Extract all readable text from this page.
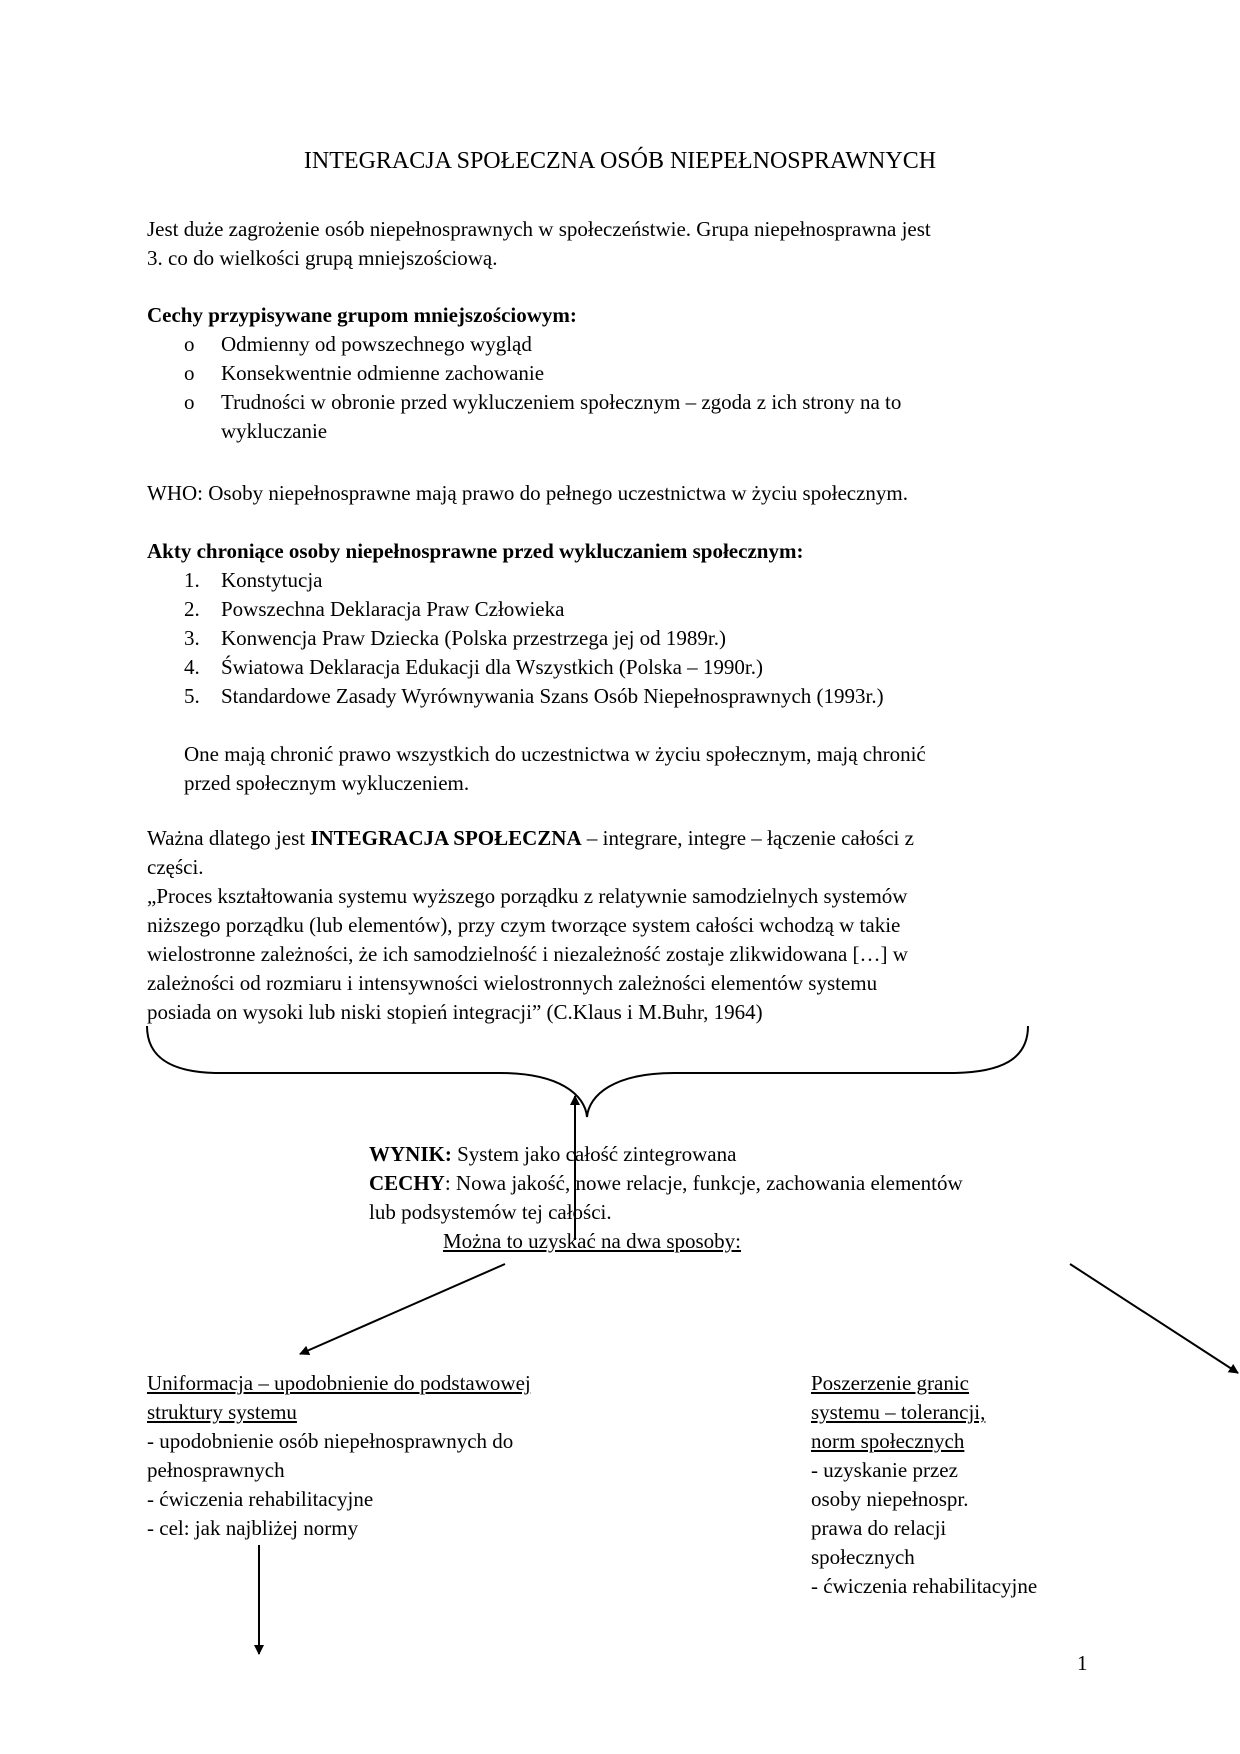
INTEGRACJA SPOŁECZNA OSÓB NIEPEŁNOSPRAWNYCH
Jest duże zagrożenie osób niepełnosprawnych w społeczeństwie. Grupa niepełnosprawna jest
3. co do wielkości grupą mniejszościową.
Cechy przypisywane grupom mniejszościowym:
o	Odmienny od powszechnego wygląd
o	Konsekwentnie odmienne zachowanie
o	Trudności w obronie przed wykluczeniem społecznym – zgoda z ich strony na to
wykluczanie
WHO: Osoby niepełnosprawne mają prawo do pełnego uczestnictwa w życiu społecznym.
Akty chroniące osoby niepełnosprawne przed wykluczaniem społecznym:
1.	Konstytucja
2.	Powszechna Deklaracja Praw Człowieka
3.	Konwencja Praw Dziecka (Polska przestrzega jej od 1989r.)
4.	Światowa Deklaracja Edukacji dla Wszystkich (Polska – 1990r.)
5.	Standardowe Zasady Wyrównywania Szans Osób Niepełnosprawnych (1993r.)
One mają chronić prawo wszystkich do uczestnictwa w życiu społecznym, mają chronić
przed społecznym wykluczeniem.
Ważna dlatego jest INTEGRACJA SPOŁECZNA – integrare, integre – łączenie całości z
części.
„Proces kształtowania systemu wyższego porządku z relatywnie samodzielnych systemów
niższego porządku (lub elementów), przy czym tworzące system całości wchodzą w takie
wielostronne zależności, że ich samodzielność i niezależność zostaje zlikwidowana […] w
zależności od rozmiaru i intensywności wielostronnych zależności elementów systemu
posiada on wysoki lub niski stopień integracji” (C.Klaus i M.Buhr, 1964)
WYNIK: System jako całość zintegrowana
CECHY: Nowa jakość, nowe relacje, funkcje, zachowania elementów
lub podsystemów tej całości.
Można to uzyskać na dwa sposoby:
Uniformacja – upodobnienie do podstawowej
struktury systemu
- upodobnienie osób niepełnosprawnych do
pełnosprawnych
- ćwiczenia rehabilitacyjne
- cel: jak najbliżej normy
Poszerzenie granic
systemu – tolerancji,
norm społecznych
- uzyskanie przez
osoby niepełnospr.
prawa do relacji
społecznych
- ćwiczenia rehabilitacyjne
1
